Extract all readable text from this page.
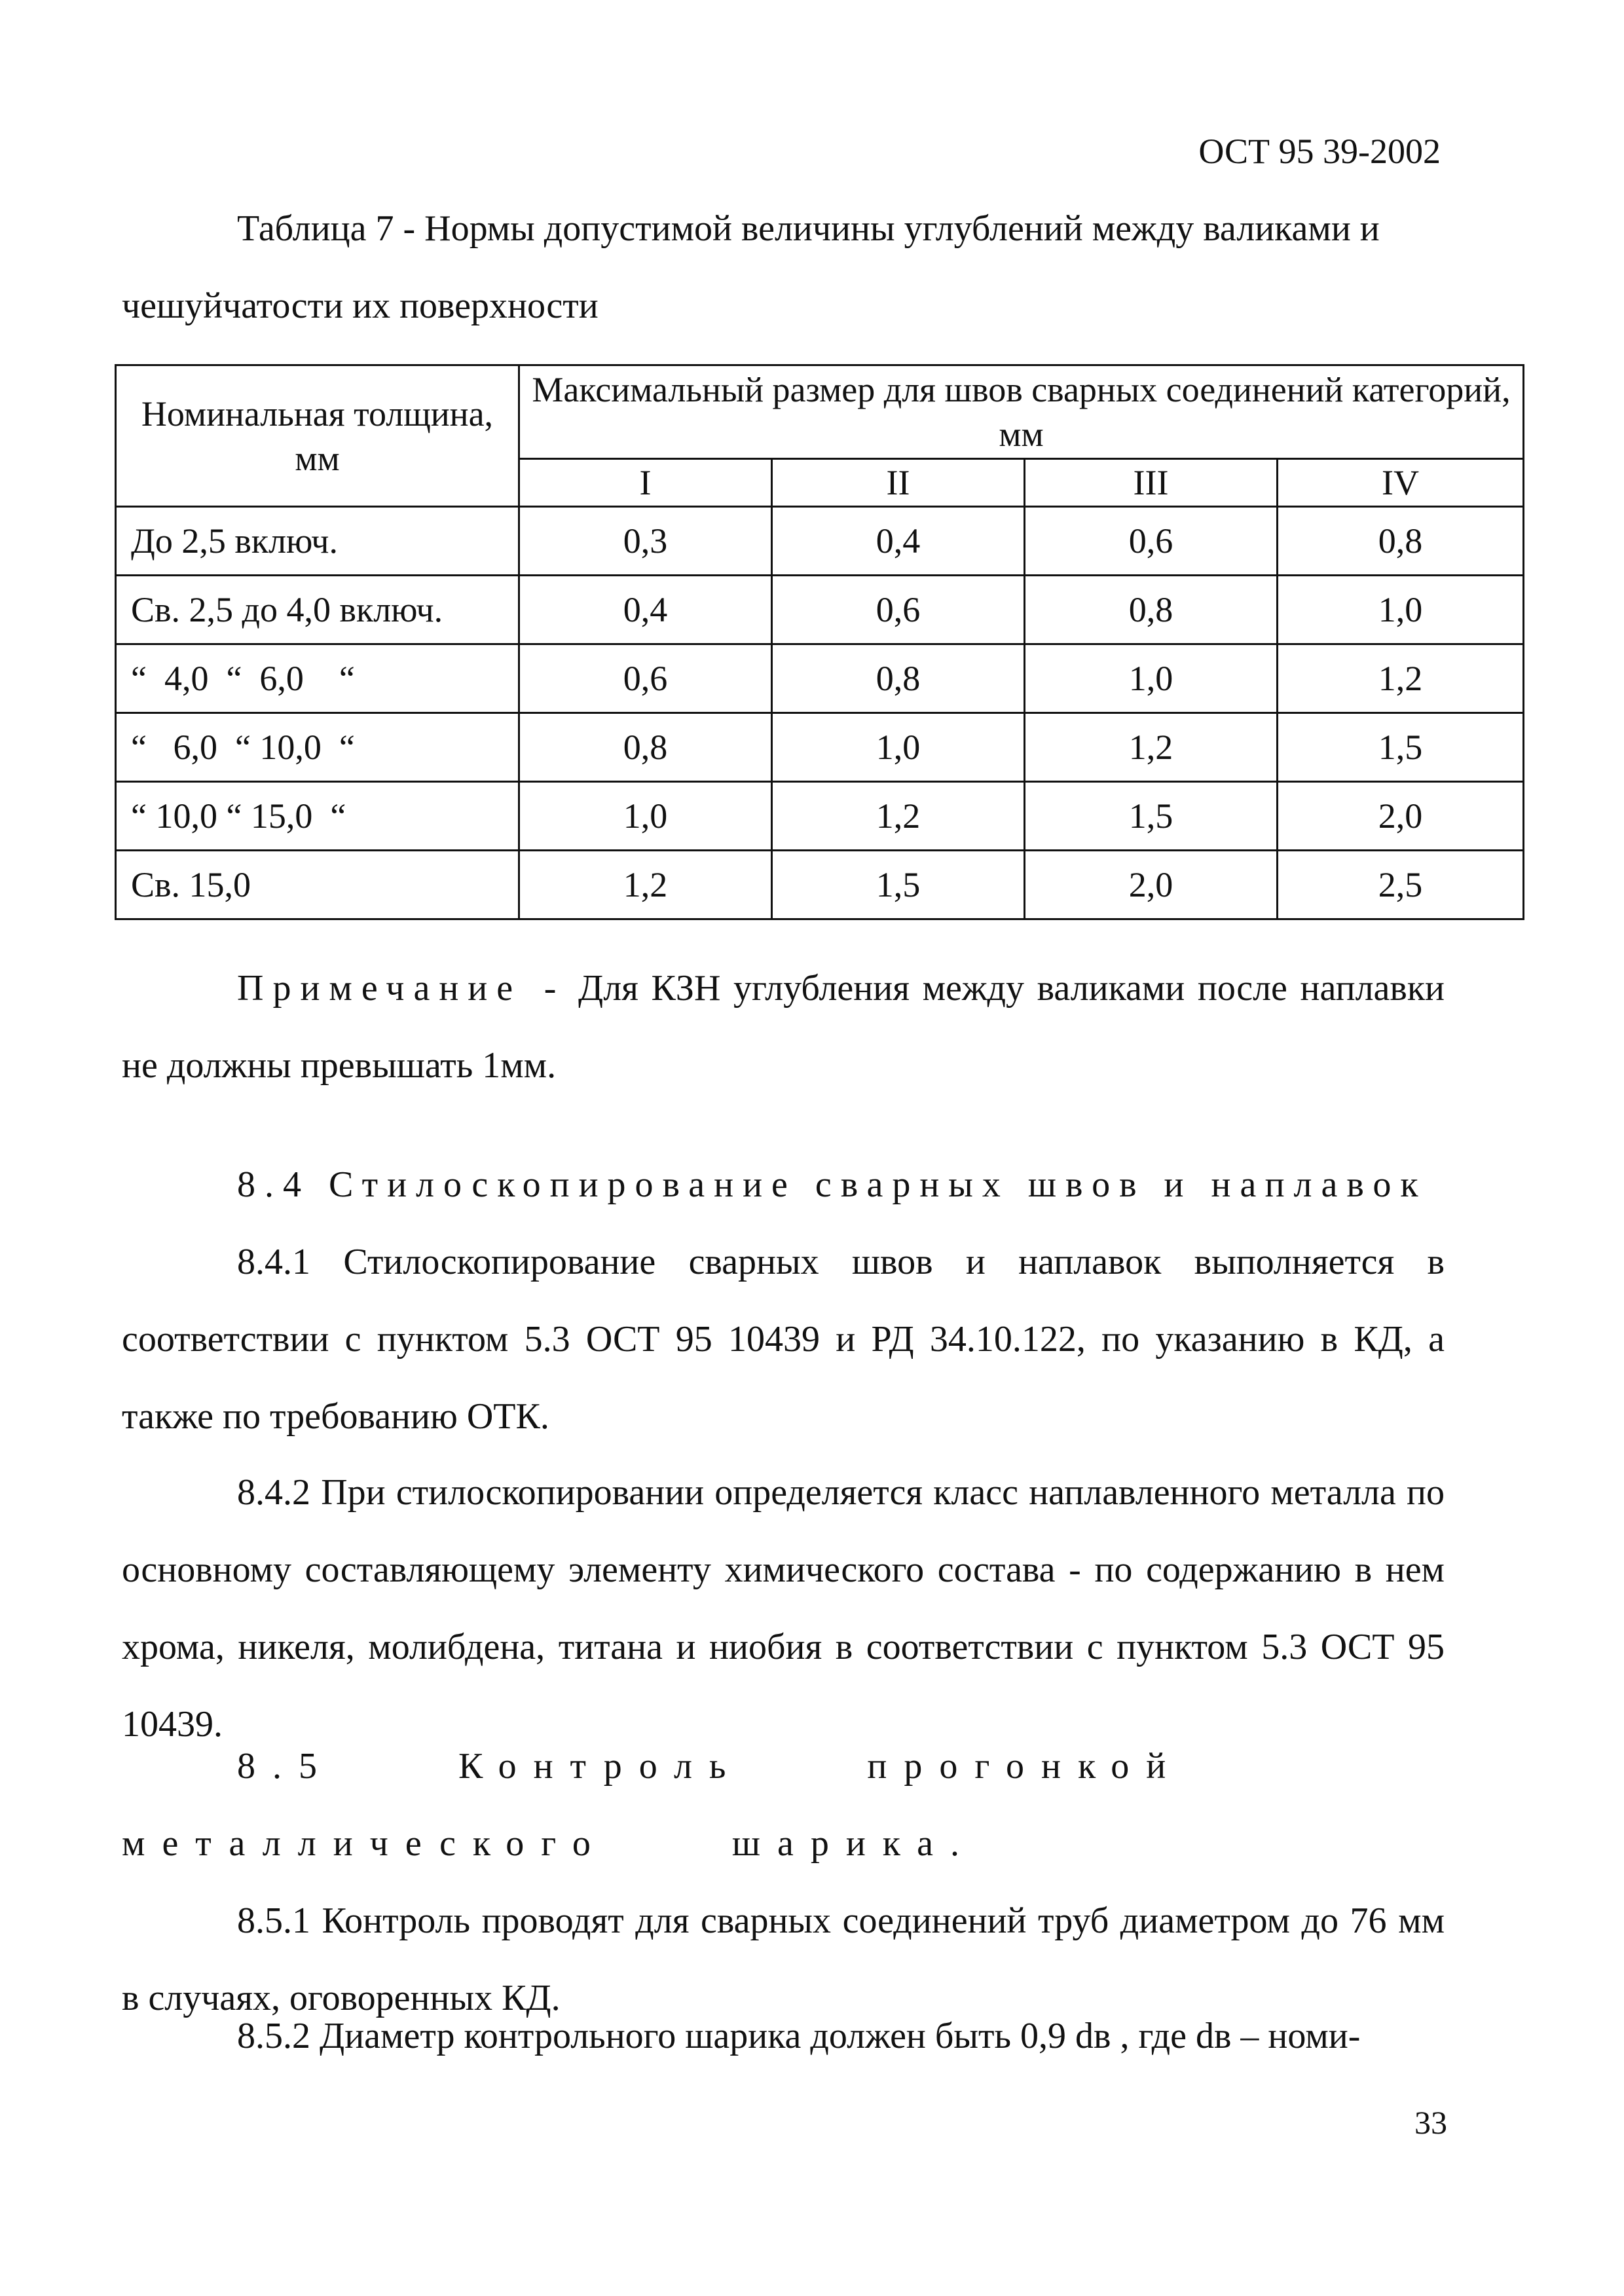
ОСТ 95 39-2002

Таблица 7 - Нормы допустимой величины углублений между валиками и чешуйчатости их поверхности

Номинальная толщина, мм	Максимальный размер для швов сварных соединений категорий, мм			
	I	II	III	IV
До 2,5 включ.	0,3	0,4	0,6	0,8
Св. 2,5 до 4,0 включ.	0,4	0,6	0,8	1,0
“  4,0  “  6,0    “	0,6	0,8	1,0	1,2
“   6,0  “ 10,0  “	0,8	1,0	1,2	1,5
“ 10,0 “ 15,0  “	1,0	1,2	1,5	2,0
Св. 15,0	1,2	1,5	2,0	2,5

Примечание - Для КЗН углубления между валиками после наплавки не должны превышать 1мм.

8.4 Стилоскопирование сварных швов и наплавок

8.4.1 Стилоскопирование сварных швов и наплавок выполняется в соответствии с пунктом 5.3 ОСТ 95 10439 и РД 34.10.122, по указанию в КД, а также по требованию ОТК.

8.4.2 При стилоскопировании определяется класс наплавленного металла по основному составляющему элементу химического состава - по содержанию в нем хрома, никеля, молибдена, титана и ниобия в соответствии с пунктом 5.3 ОСТ 95 10439.

8.5 Контроль прогонкой металлического шарика.

8.5.1 Контроль проводят для сварных соединений труб диаметром до 76 мм в случаях, оговоренных КД.

8.5.2 Диаметр контрольного шарика должен быть 0,9 dв , где dв – номи-

33
